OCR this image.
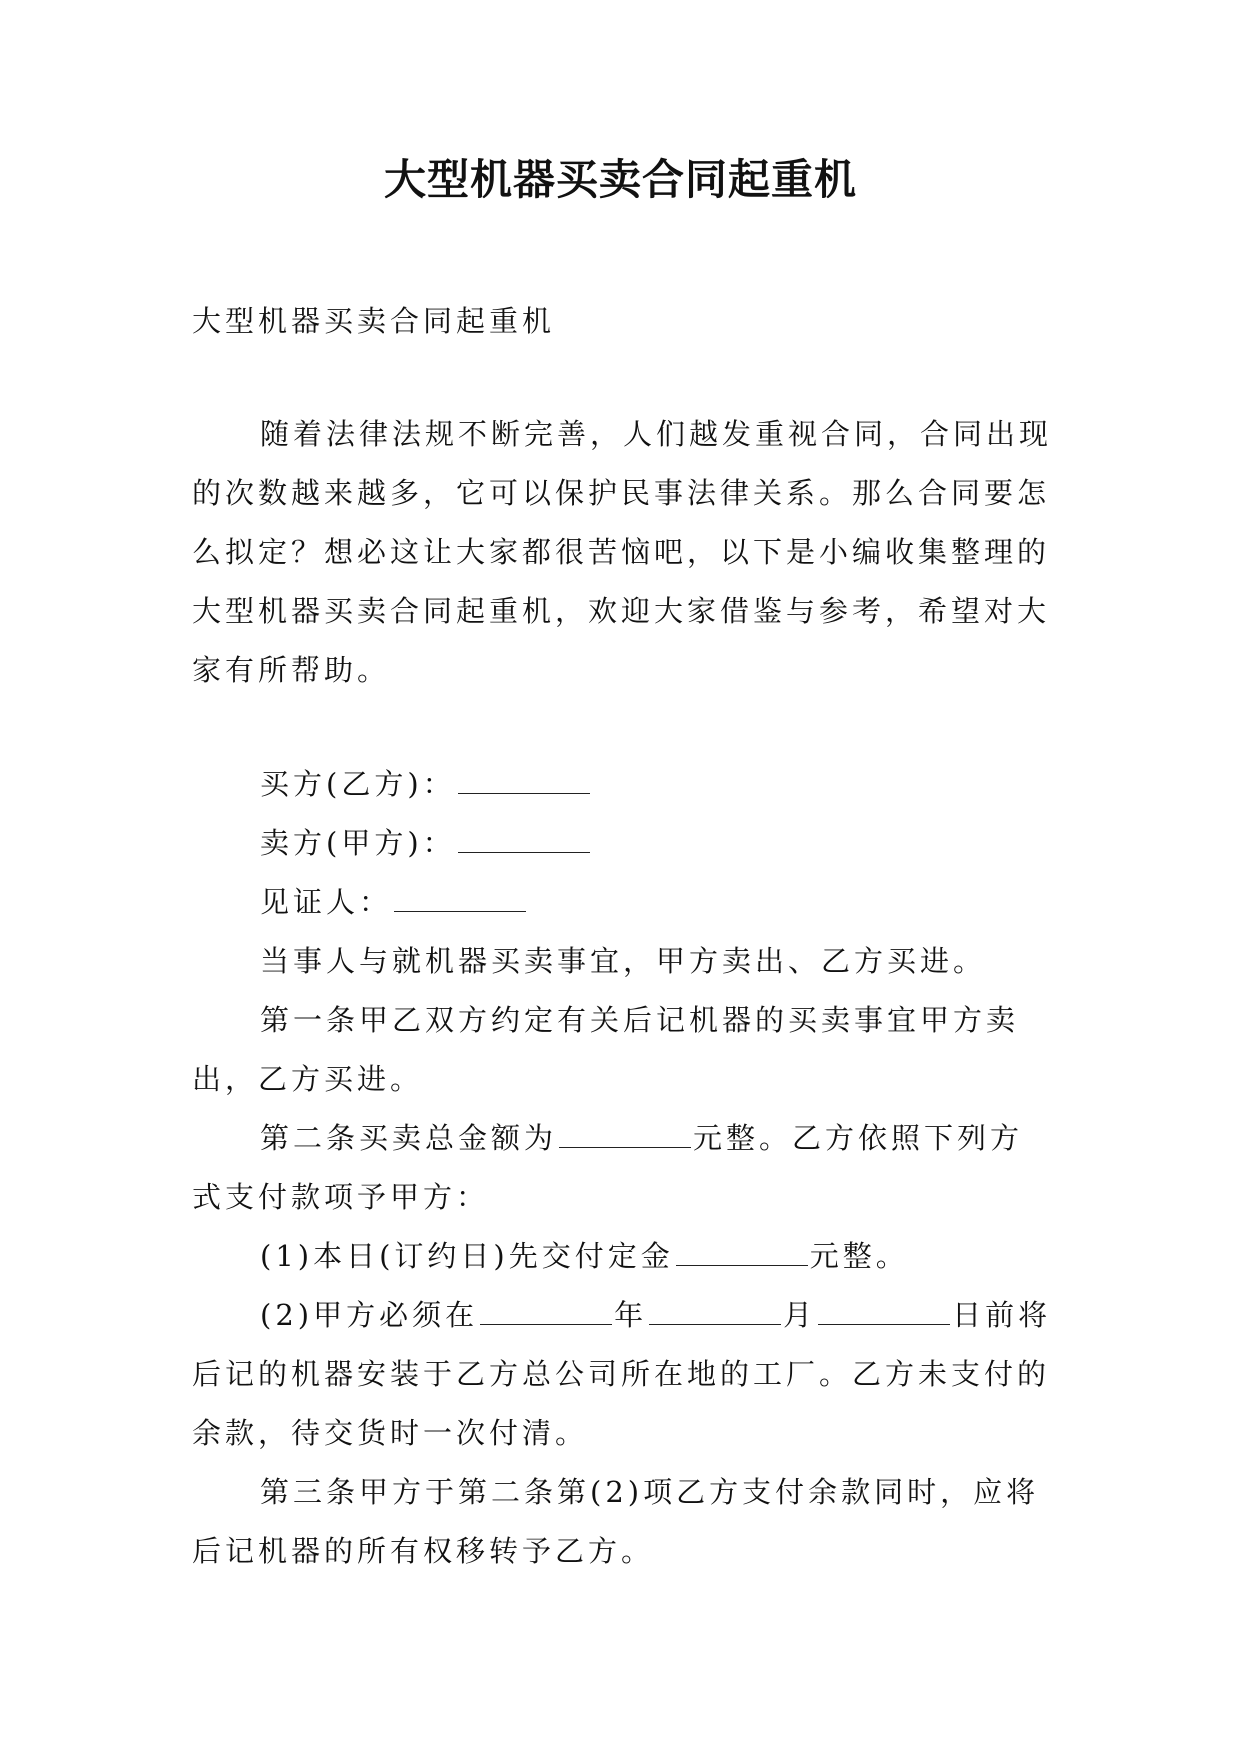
大型机器买卖合同起重机
大型机器买卖合同起重机
随着法律法规不断完善，人们越发重视合同，合同出现的次数越来越多，它可以保护民事法律关系。那么合同要怎么拟定？想必这让大家都很苦恼吧，以下是小编收集整理的大型机器买卖合同起重机，欢迎大家借鉴与参考，希望对大家有所帮助。

买方(乙方)：

卖方(甲方)：

见证人：

当事人与就机器买卖事宜，甲方卖出、乙方买进。

第一条甲乙双方约定有关后记机器的买卖事宜甲方卖出，乙方买进。

第二条买卖总金额为	元整。乙方依照下列方式支付款项予甲方：

(1)本日(订约日)先交付定金	元整。

(2)甲方必须在	年	月	日前将后记的机器安装于乙方总公司所在地的工厂。乙方未支付的余款，待交货时一次付清。

第三条甲方于第二条第(2)项乙方支付余款同时，应将后记机器的所有权移转予乙方。
